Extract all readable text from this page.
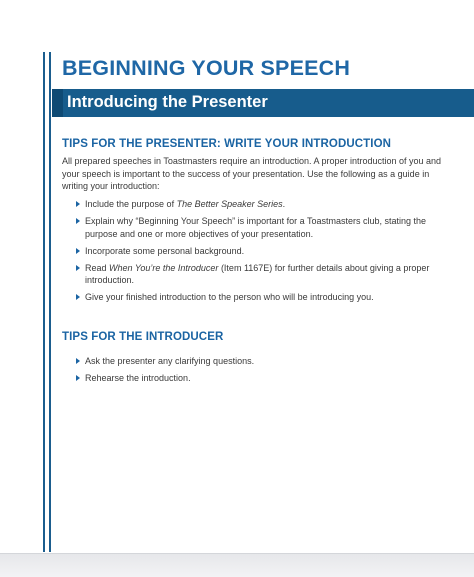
BEGINNING YOUR SPEECH
Introducing the Presenter
TIPS FOR THE PRESENTER: WRITE YOUR INTRODUCTION

All prepared speeches in Toastmasters require an introduction. A proper introduction of you and your speech is important to the success of your presentation. Use the following as a guide in writing your introduction:

Include the purpose of The Better Speaker Series.
Explain why “Beginning Your Speech” is important for a Toastmasters club, stating the purpose and one or more objectives of your presentation.
Incorporate some personal background.
Read When You’re the Introducer (Item 1167E) for further details about giving a proper introduction.
Give your finished introduction to the person who will be introducing you.
TIPS FOR THE INTRODUCER
Ask the presenter any clarifying questions.
Rehearse the introduction.
